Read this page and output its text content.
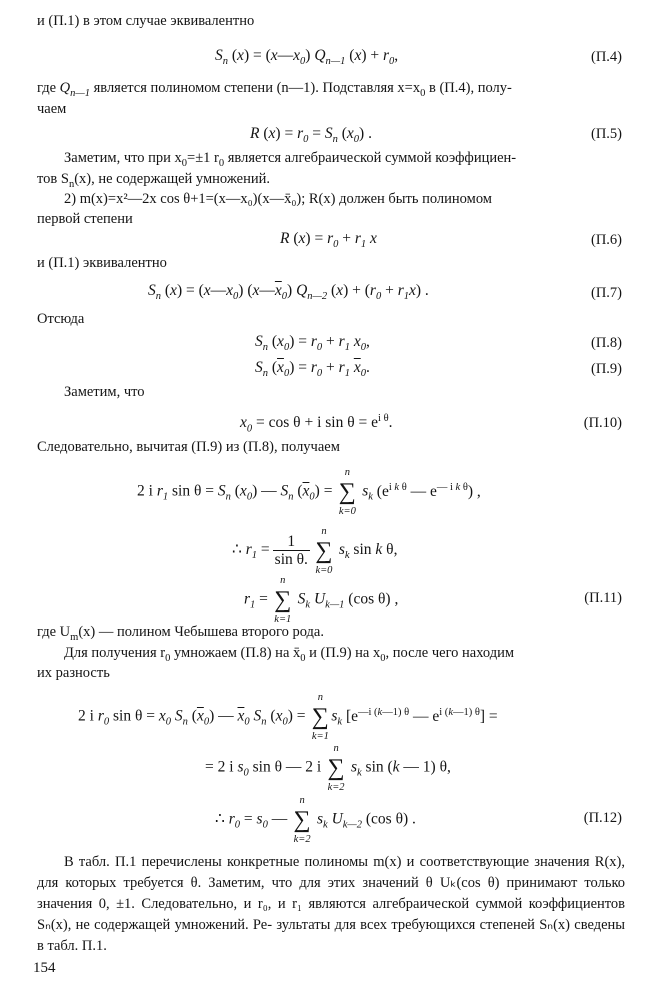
и (П.1) в этом случае эквивалентно
$S_n$ $(x) = (x—x_0)$ $Q_{n—1}$ $(x) + r_0$,	(П.4)
где $Q_{n—1}$ является полиномом степени (n—1). Подставляя $x=x_0$ в (П.4), полу-
чаем
R $(x) = r_0 = S_n$ $(x_0)$ .	(П.5)
Заметим, что при $x_0=\pm 1$ $r_0$ является алгебраической суммой коэффициен-
тов $S_n(x)$, не содержащей умножений.
2) m(x)=x²—2x cos θ+1=(x—x₀)(x—x̄₀); R(x) должен быть полиномом
первой степени
R $(x) = r_0 + r_1$ x	(П.6)
и (П.1) эквивалентно
$S_n$ $(x) = (x—x_0)$ $(x—\overline{x}_0)$ $Q_{n—2}$ $(x) + (r_0 + r_1x)$ .	(П.7)
Отсюда
$S_n$ $(x_0) = r_0 + r_1$ $x_0$,	(П.8)
$S_n$ $(\overline{x}_0) = r_0 + r_1$ $\overline{x}_0$.	(П.9)
Заметим, что
$x_0 = \cos \theta + i$ $\sin \theta = e^{i \theta}$.	(П.10)
Следовательно, вычитая (П.9) из (П.8), получаем
2 i $r_1$ $\sin \theta = S_n$ $(x_0)$ — $S_n$ $(\overline{x}_0)$ =
n
∑
k=0
$s_k$ ($e^{i k \theta}$ — $e^{— i k \theta}$) ,
∴ $r_1 = \frac{1}{\text{sin θ.}}$
n
∑
k=0
$s_k$ sin k θ,
$r_1$ =
n
∑
k=1
$S_k$ $U_{k—1}$ (cos θ) ,	(П.11)
где $U_m(x)$ — полином Чебышева второго рода.
Для получения $r_0$ умножаем (П.8) на $x̄_0$ и (П.9) на $x_0$, после чего находим
их разность
2 i $r_0$ $\sin \theta = x_0$ $S_n$ $(\overline{x}_0)$ — $\overline{x}_0$ $S_n$ $(x_0)$ =
n
∑
k=1
$s_k$ [$e^{—i (k—1) \theta}$ — $e^{i (k—1) \theta}$] =
= 2 i $s_0$ sin θ — 2 i
n
∑
k=2
$s_k$ sin (k — 1) θ,
∴ $r_0 = s_0$ —
n
∑
k=2
$s_k$ $U_{k—2}$ (cos θ) .	(П.12)
В табл. П.1 перечислены конкретные полиномы m(x) и соответствующие значения R(x), для которых требуется θ. Заметим, что для этих значений θ Uₖ(cos θ) принимают только значения 0, ±1. Следовательно, и r₀, и r₁ являются алгебраической суммой коэффициентов Sₙ(x), не содержащей умножений. Ре- зультаты для всех требующихся степеней Sₙ(x) сведены в табл. П.1.
154
